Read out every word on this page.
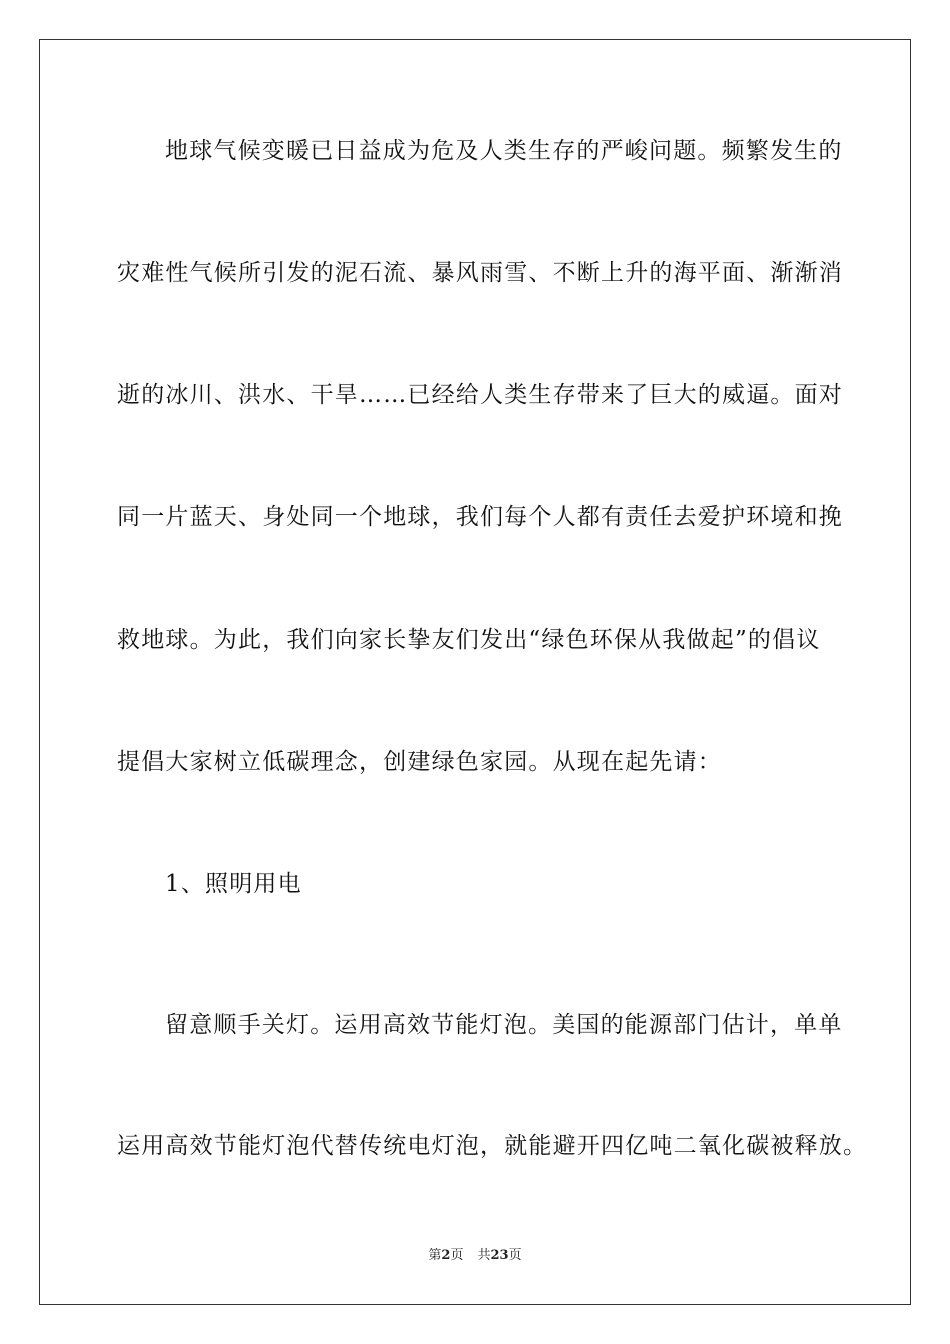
地球气候变暖已日益成为危及人类生存的严峻问题。频繁发生的
灾难性气候所引发的泥石流、暴风雨雪、不断上升的海平面、渐渐消
逝的冰川、洪水、干旱……已经给人类生存带来了巨大的威逼。面对
同一片蓝天、身处同一个地球，我们每个人都有责任去爱护环境和挽
救地球。为此，我们向家长挚友们发出“绿色环保从我做起”的倡议
提倡大家树立低碳理念，创建绿色家园。从现在起先请：
1、照明用电
留意顺手关灯。运用高效节能灯泡。美国的能源部门估计，单单
运用高效节能灯泡代替传统电灯泡，就能避开四亿吨二氧化碳被释放。
第2页 共23页
